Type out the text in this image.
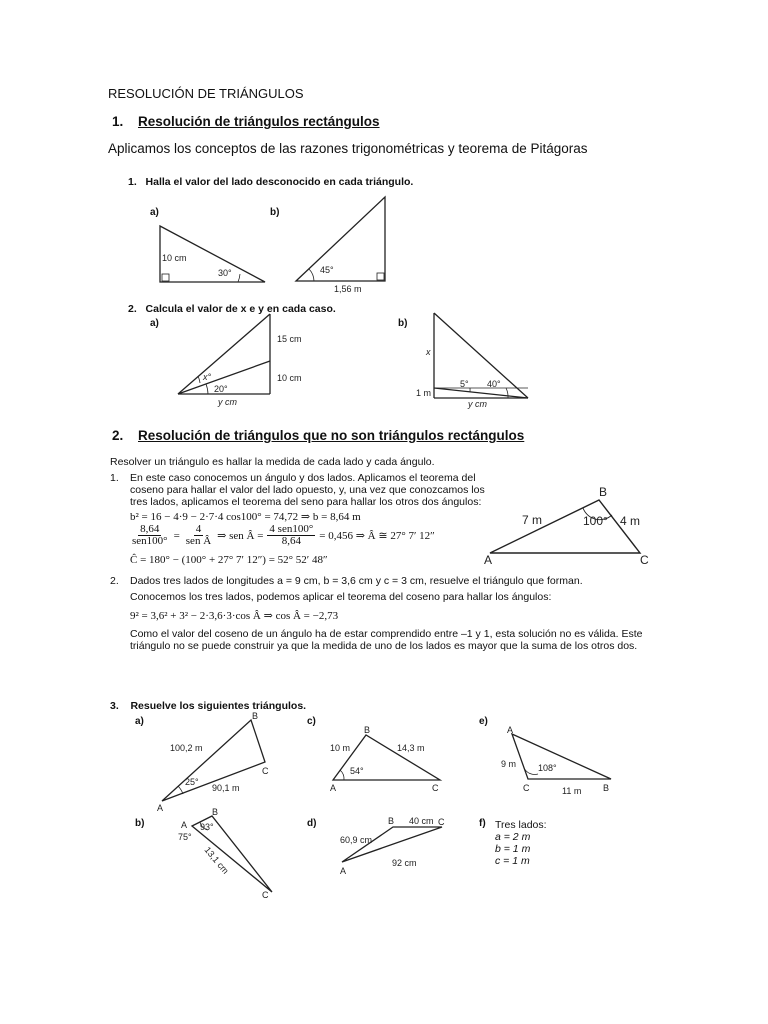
RESOLUCIÓN DE TRIÁNGULOS
1. Resolución de triángulos rectángulos
Aplicamos los conceptos de las razones trigonométricas y teorema de Pitágoras
1. Halla el valor del lado desconocido en cada triángulo.
a)	b)
10 cm
30°	45°
1,56 m
2. Calcula el valor de x e y en cada caso.
a)	b)
15 cm
10 cm
x°
20°
y cm
x
1 m
5° 40°
y cm
2. Resolución de triángulos que no son triángulos rectángulos
Resolver un triángulo es hallar la medida de cada lado y cada ángulo.
1. En este caso conocemos un ángulo y dos lados. Aplicamos el teorema del
coseno para hallar el valor del lado opuesto, y, una vez que conozcamos los
tres lados, aplicamos el teorema del seno para hallar los otros dos ángulos:
b² = 16 − 4·9 − 2·7·4 cos100° = 74,72 ⇒ b = 8,64 m
$\frac{8,64}{\text{sen100°}} = \frac{4}{\text{sen Â}}$ ⇒ sen Â = $\frac{\text{4 sen100°}}{8,64} = 0,456$ ⇒ Â ≅ 27° 7′ 12″
Ĉ = 180° − (100° + 27° 7′ 12″) = 52° 52′ 48″
B
A	C
7 m	4 m
100°
2. Dados tres lados de longitudes a = 9 cm, b = 3,6 cm y c = 3 cm, resuelve el triángulo que forman.
Conocemos los tres lados, podemos aplicar el teorema del coseno para hallar los ángulos:
9² = 3,6² + 3² − 2·3,6·3·cos Â ⇒ cos Â = −2,73
Como el valor del coseno de un ángulo ha de estar comprendido entre –1 y 1, esta solución no es válida. Este
triángulo no se puede construir ya que la medida de uno de los lados es mayor que la suma de los otros dos.
3. Resuelve los siguientes triángulos.
a)	c)	e)
b)	d)	f)
B
A
C
100,2 m
25°
90,1 m
B
A	C
10 m	14,3 m
54°
A
C	B
9 m 108°
11 m
A
B
C
93°
75°
13,1 cm
B
A
C
40 cm
60,9 cm
92 cm
Tres lados:
a = 2 m
b = 1 m
c = 1 m
